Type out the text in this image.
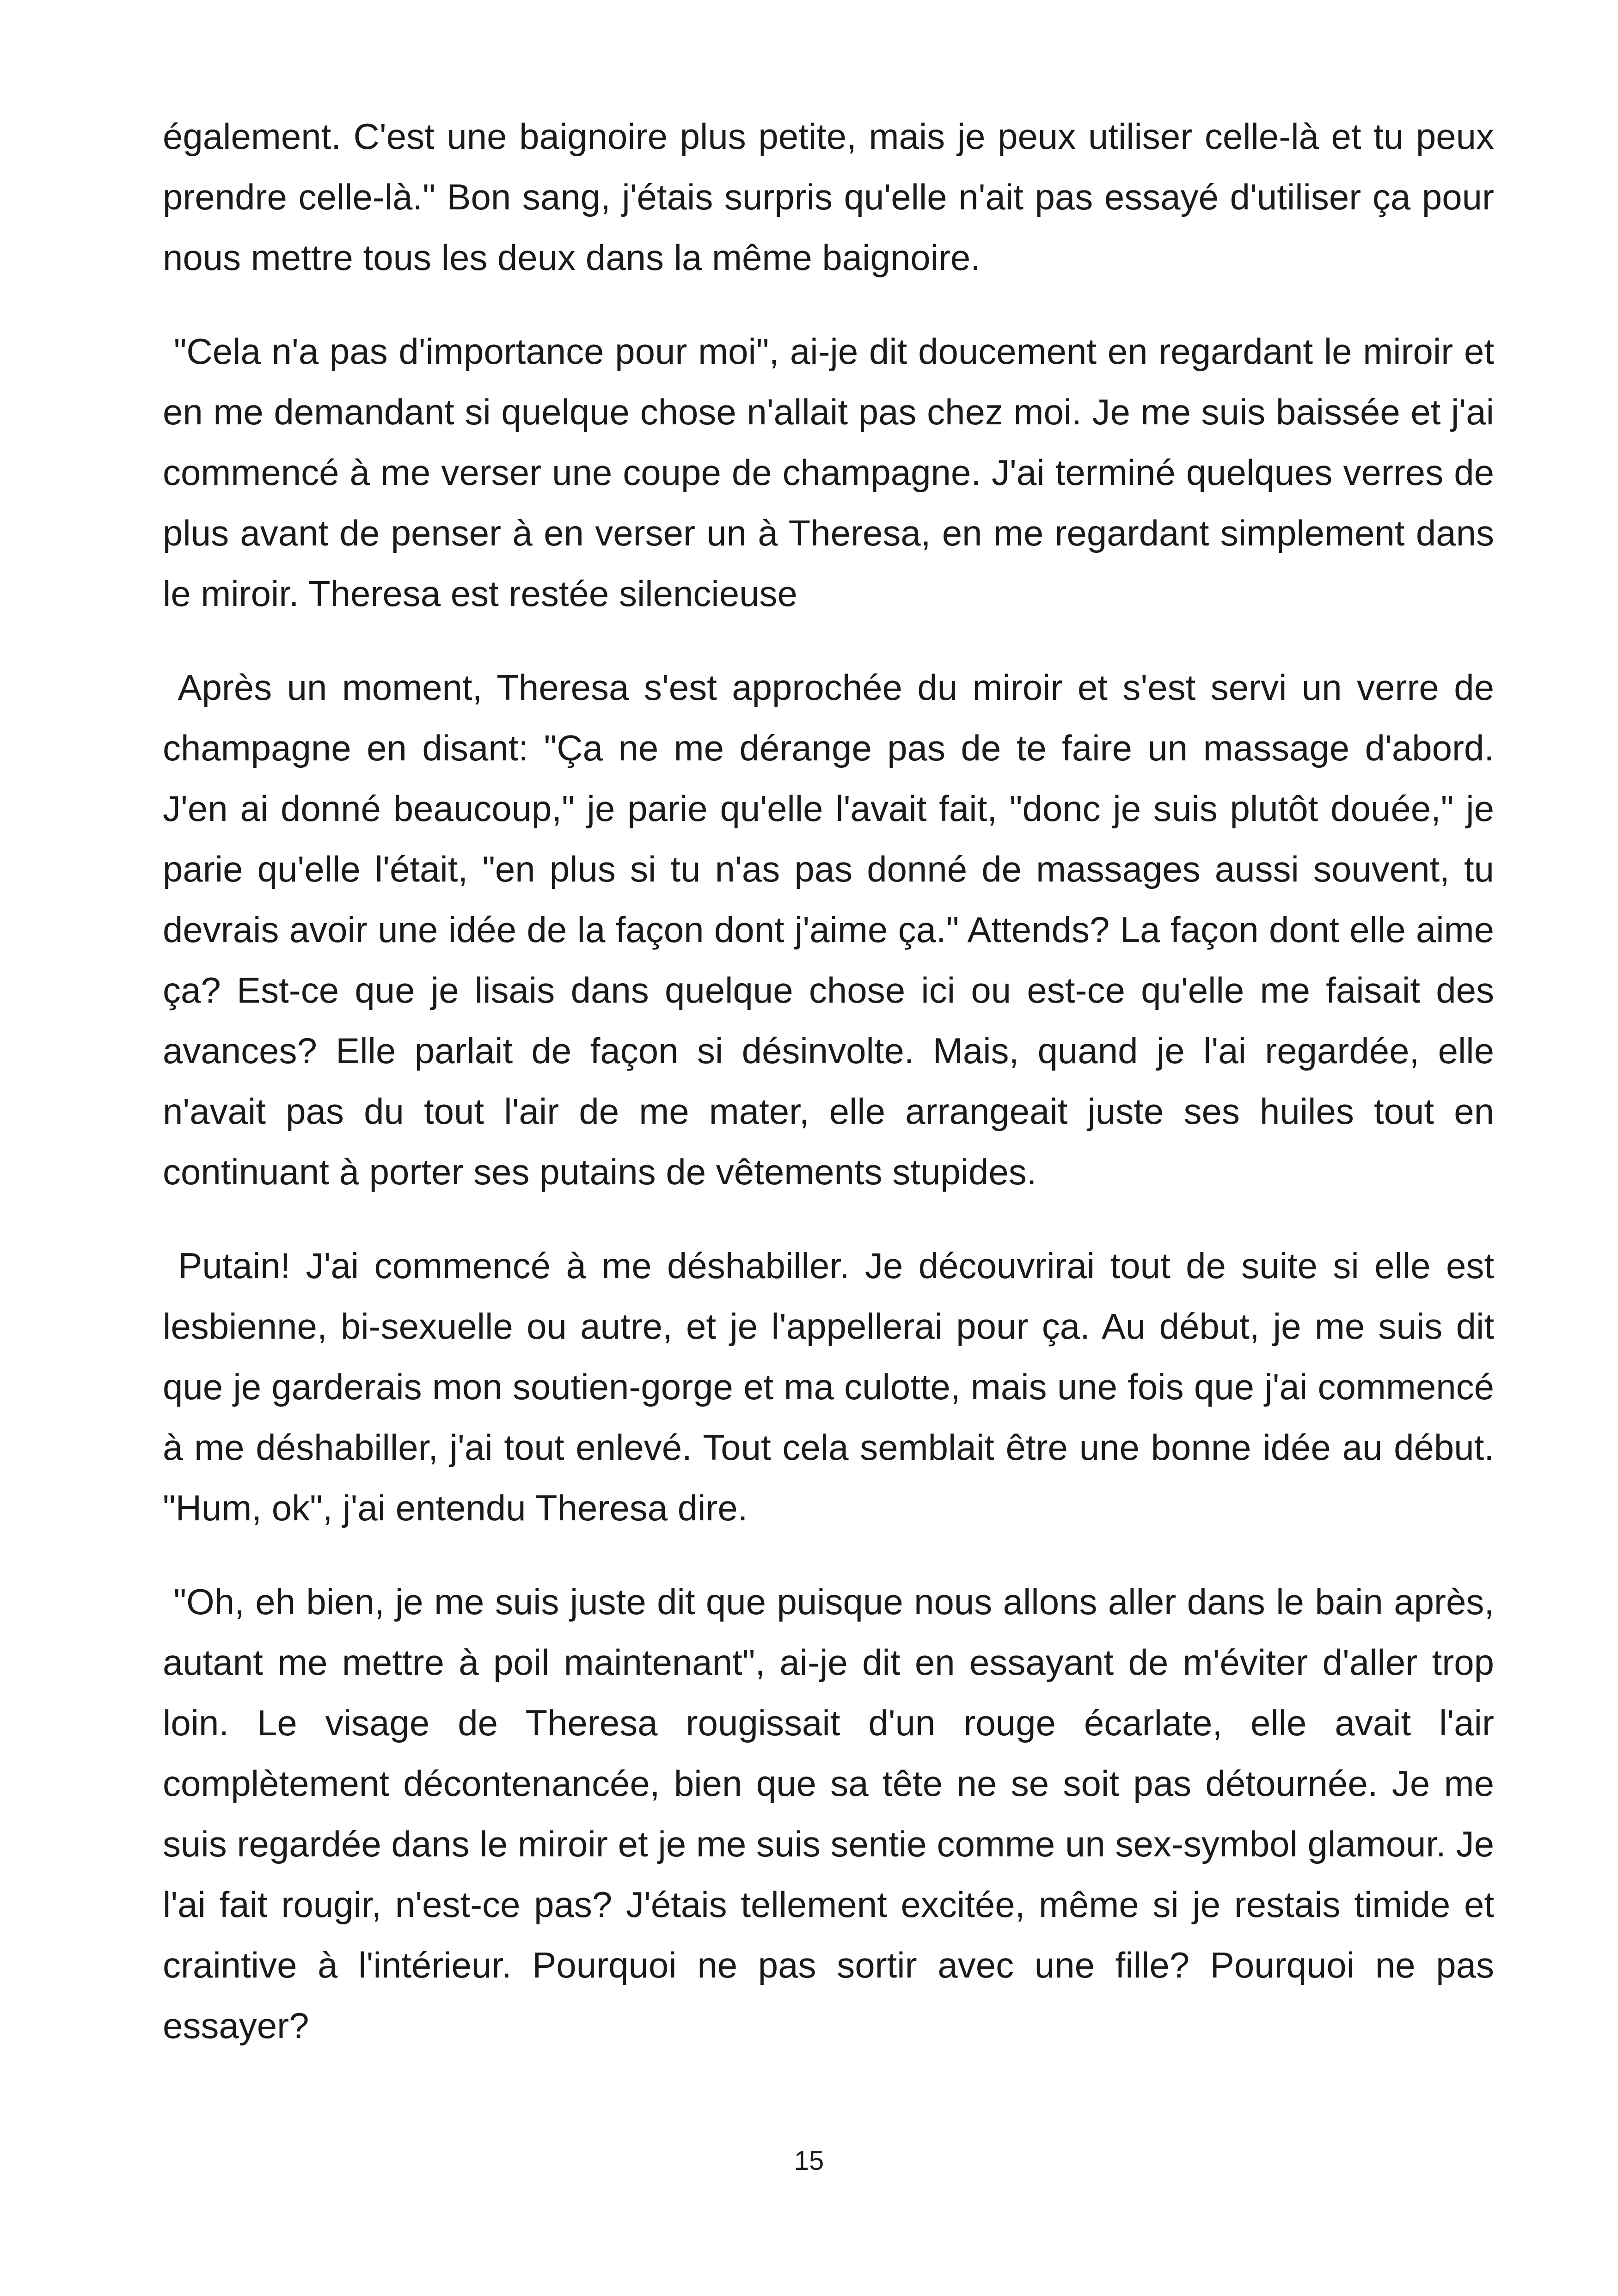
également. C'est une baignoire plus petite, mais je peux utiliser celle-là et tu peux prendre celle-là." Bon sang, j'étais surpris qu'elle n'ait pas essayé d'utiliser ça pour nous mettre tous les deux dans la même baignoire.

"Cela n'a pas d'importance pour moi", ai-je dit doucement en regardant le miroir et en me demandant si quelque chose n'allait pas chez moi. Je me suis baissée et j'ai commencé à me verser une coupe de champagne. J'ai terminé quelques verres de plus avant de penser à en verser un à Theresa, en me regardant simplement dans le miroir. Theresa est restée silencieuse

Après un moment, Theresa s'est approchée du miroir et s'est servi un verre de champagne en disant: "Ça ne me dérange pas de te faire un massage d'abord. J'en ai donné beaucoup," je parie qu'elle l'avait fait, "donc je suis plutôt douée," je parie qu'elle l'était, "en plus si tu n'as pas donné de massages aussi souvent, tu devrais avoir une idée de la façon dont j'aime ça." Attends? La façon dont elle aime ça? Est-ce que je lisais dans quelque chose ici ou est-ce qu'elle me faisait des avances? Elle parlait de façon si désinvolte. Mais, quand je l'ai regardée, elle n'avait pas du tout l'air de me mater, elle arrangeait juste ses huiles tout en continuant à porter ses putains de vêtements stupides.

Putain! J'ai commencé à me déshabiller. Je découvrirai tout de suite si elle est lesbienne, bi-sexuelle ou autre, et je l'appellerai pour ça. Au début, je me suis dit que je garderais mon soutien-gorge et ma culotte, mais une fois que j'ai commencé à me déshabiller, j'ai tout enlevé. Tout cela semblait être une bonne idée au début. "Hum, ok", j'ai entendu Theresa dire.

"Oh, eh bien, je me suis juste dit que puisque nous allons aller dans le bain après, autant me mettre à poil maintenant", ai-je dit en essayant de m'éviter d'aller trop loin. Le visage de Theresa rougissait d'un rouge écarlate, elle avait l'air complètement décontenancée, bien que sa tête ne se soit pas détournée. Je me suis regardée dans le miroir et je me suis sentie comme un sex-symbol glamour. Je l'ai fait rougir, n'est-ce pas? J'étais tellement excitée, même si je restais timide et craintive à l'intérieur. Pourquoi ne pas sortir avec une fille? Pourquoi ne pas essayer?

15
